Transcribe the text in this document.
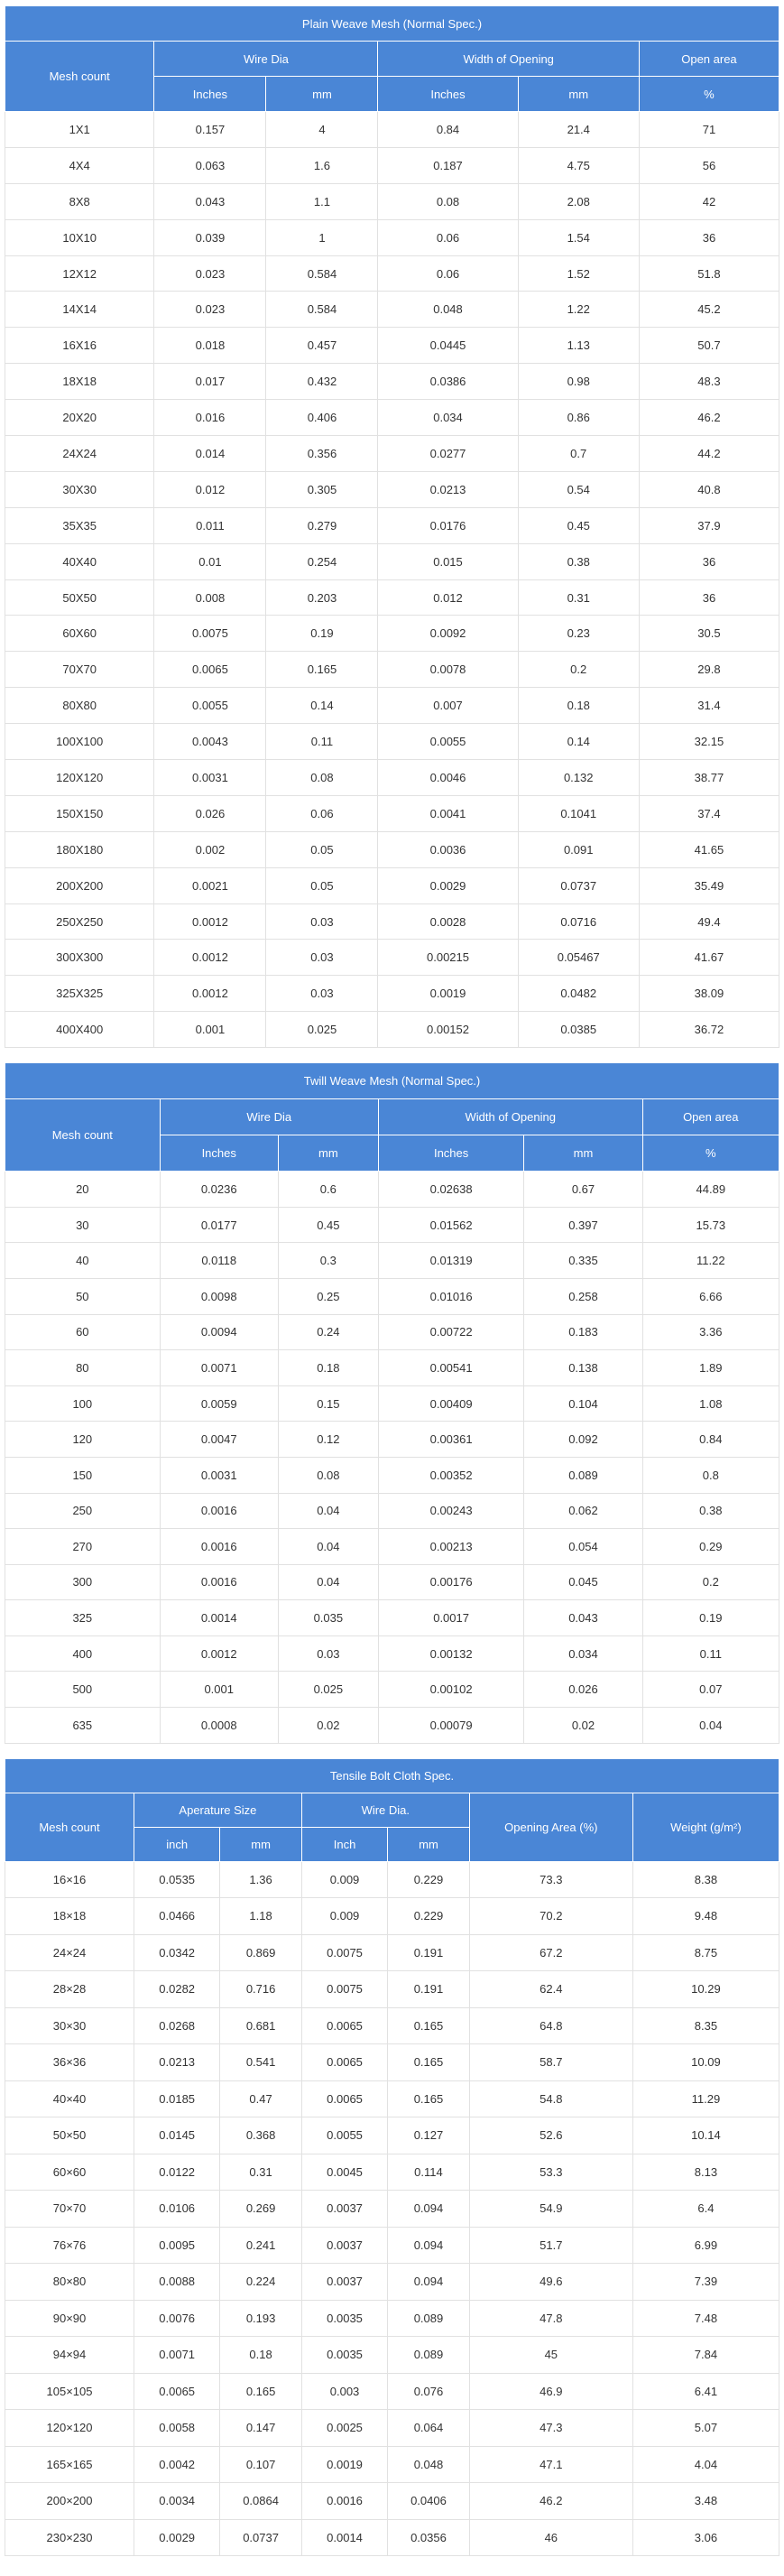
Plain Weave Mesh (Normal Spec.)					
Mesh count	Wire Dia		Width of Opening		Open area
	Inches	mm	Inches	mm	%
1X1	0.157	4	0.84	21.4	71
4X4	0.063	1.6	0.187	4.75	56
8X8	0.043	1.1	0.08	2.08	42
10X10	0.039	1	0.06	1.54	36
12X12	0.023	0.584	0.06	1.52	51.8
14X14	0.023	0.584	0.048	1.22	45.2
16X16	0.018	0.457	0.0445	1.13	50.7
18X18	0.017	0.432	0.0386	0.98	48.3
20X20	0.016	0.406	0.034	0.86	46.2
24X24	0.014	0.356	0.0277	0.7	44.2
30X30	0.012	0.305	0.0213	0.54	40.8
35X35	0.011	0.279	0.0176	0.45	37.9
40X40	0.01	0.254	0.015	0.38	36
50X50	0.008	0.203	0.012	0.31	36
60X60	0.0075	0.19	0.0092	0.23	30.5
70X70	0.0065	0.165	0.0078	0.2	29.8
80X80	0.0055	0.14	0.007	0.18	31.4
100X100	0.0043	0.11	0.0055	0.14	32.15
120X120	0.0031	0.08	0.0046	0.132	38.77
150X150	0.026	0.06	0.0041	0.1041	37.4
180X180	0.002	0.05	0.0036	0.091	41.65
200X200	0.0021	0.05	0.0029	0.0737	35.49
250X250	0.0012	0.03	0.0028	0.0716	49.4
300X300	0.0012	0.03	0.00215	0.05467	41.67
325X325	0.0012	0.03	0.0019	0.0482	38.09
400X400	0.001	0.025	0.00152	0.0385	36.72
Twill Weave Mesh (Normal Spec.)					
Mesh count	Wire Dia		Width of Opening		Open area
	Inches	mm	Inches	mm	%
20	0.0236	0.6	0.02638	0.67	44.89
30	0.0177	0.45	0.01562	0.397	15.73
40	0.0118	0.3	0.01319	0.335	11.22
50	0.0098	0.25	0.01016	0.258	6.66
60	0.0094	0.24	0.00722	0.183	3.36
80	0.0071	0.18	0.00541	0.138	1.89
100	0.0059	0.15	0.00409	0.104	1.08
120	0.0047	0.12	0.00361	0.092	0.84
150	0.0031	0.08	0.00352	0.089	0.8
250	0.0016	0.04	0.00243	0.062	0.38
270	0.0016	0.04	0.00213	0.054	0.29
300	0.0016	0.04	0.00176	0.045	0.2
325	0.0014	0.035	0.0017	0.043	0.19
400	0.0012	0.03	0.00132	0.034	0.11
500	0.001	0.025	0.00102	0.026	0.07
635	0.0008	0.02	0.00079	0.02	0.04
Tensile Bolt Cloth Spec.						
Mesh count	Aperature Size		Wire Dia.		Opening Area (%)	Weight (g/m²)
	inch	mm	Inch	mm		
16×16	0.0535	1.36	0.009	0.229	73.3	8.38
18×18	0.0466	1.18	0.009	0.229	70.2	9.48
24×24	0.0342	0.869	0.0075	0.191	67.2	8.75
28×28	0.0282	0.716	0.0075	0.191	62.4	10.29
30×30	0.0268	0.681	0.0065	0.165	64.8	8.35
36×36	0.0213	0.541	0.0065	0.165	58.7	10.09
40×40	0.0185	0.47	0.0065	0.165	54.8	11.29
50×50	0.0145	0.368	0.0055	0.127	52.6	10.14
60×60	0.0122	0.31	0.0045	0.114	53.3	8.13
70×70	0.0106	0.269	0.0037	0.094	54.9	6.4
76×76	0.0095	0.241	0.0037	0.094	51.7	6.99
80×80	0.0088	0.224	0.0037	0.094	49.6	7.39
90×90	0.0076	0.193	0.0035	0.089	47.8	7.48
94×94	0.0071	0.18	0.0035	0.089	45	7.84
105×105	0.0065	0.165	0.003	0.076	46.9	6.41
120×120	0.0058	0.147	0.0025	0.064	47.3	5.07
165×165	0.0042	0.107	0.0019	0.048	47.1	4.04
200×200	0.0034	0.0864	0.0016	0.0406	46.2	3.48
230×230	0.0029	0.0737	0.0014	0.0356	46	3.06
